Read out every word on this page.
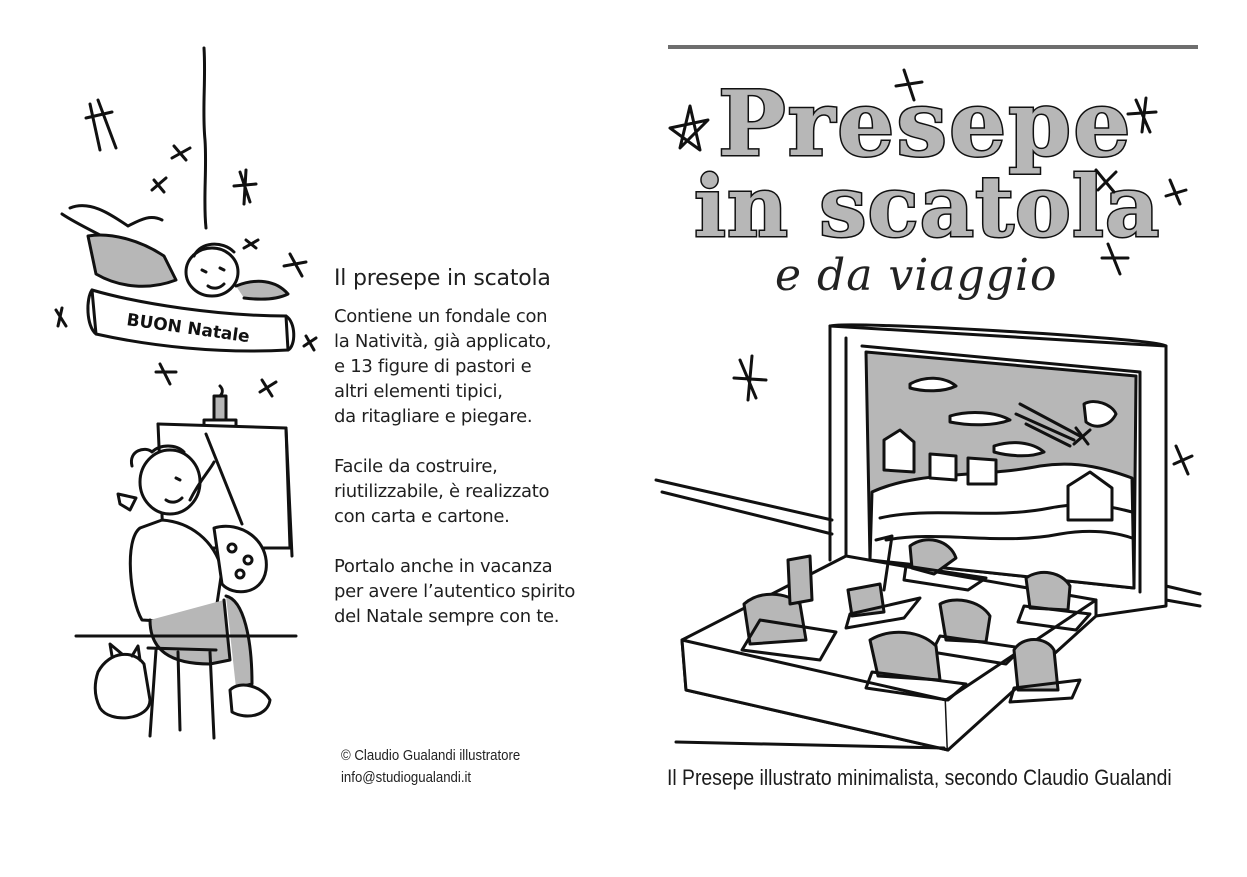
Il presepe in scatola
Contiene un fondale con
la Natività, già applicato,
e 13 figure di pastori e
altri elementi tipici,
da ritagliare e piegare.
Facile da costruire,
riutilizzabile, è realizzato
con carta e cartone.
Portalo anche in vacanza
per avere l’autentico spirito
del Natale sempre con te.
© Claudio Gualandi illustratore
info@studiogualandi.it
BUON Natale
Presepe
in scatola
e da viaggio
Il Presepe illustrato minimalista, secondo Claudio Gualandi
